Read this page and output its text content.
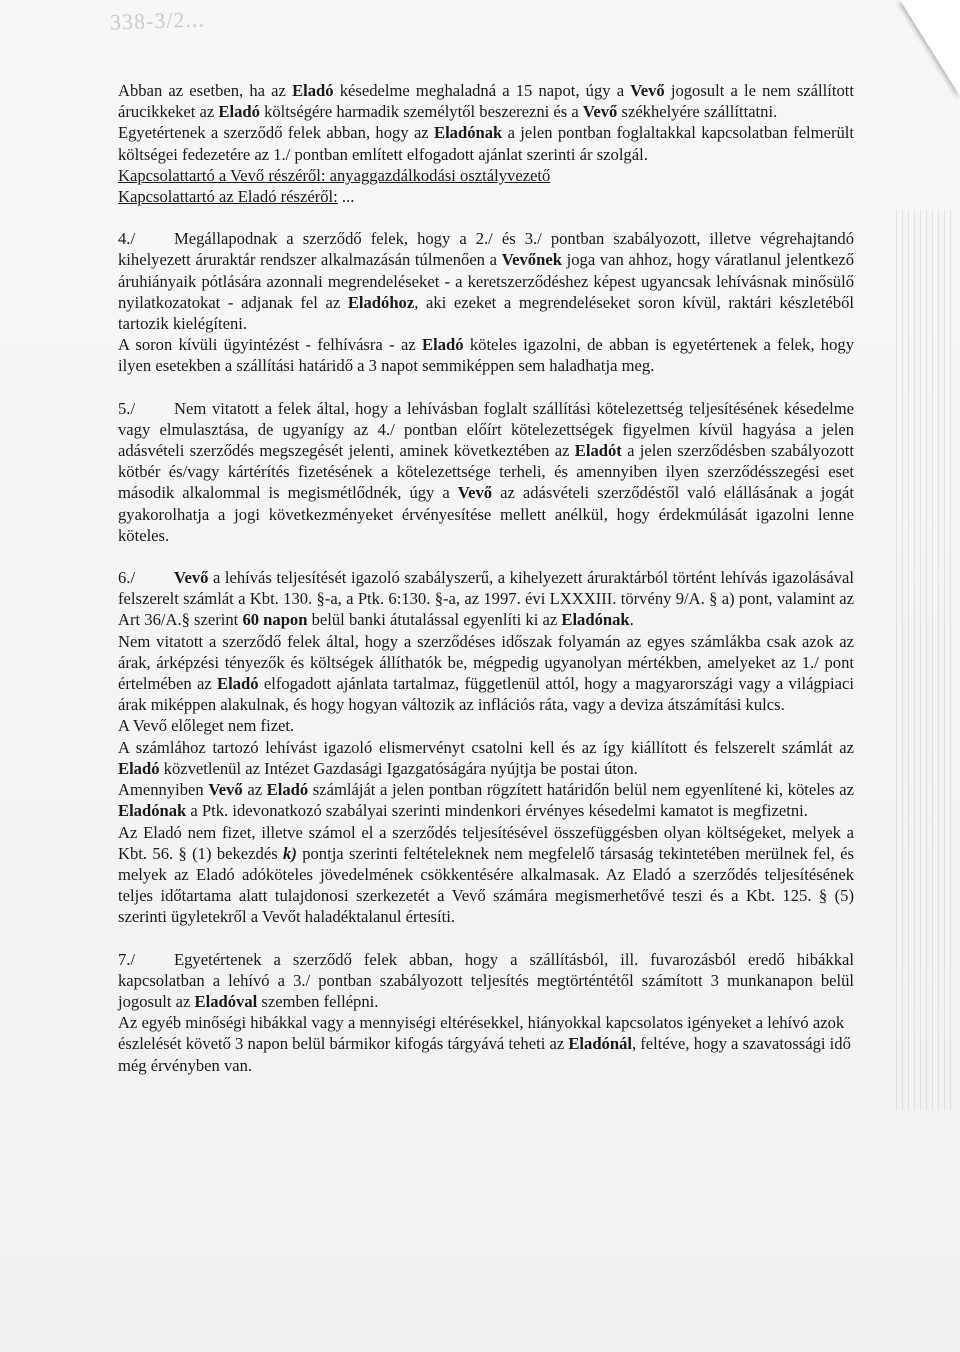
338-3/2...

Abban az esetben, ha az Eladó késedelme meghaladná a 15 napot, úgy a Vevő jogosult a le nem szállított árucikkeket az Eladó költségére harmadik személytől beszerezni és a Vevő székhelyére szállíttatni.

Egyetértenek a szerződő felek abban, hogy az Eladónak a jelen pontban foglaltakkal kapcsolatban felmerült költségei fedezetére az 1./ pontban említett elfogadott ajánlat szerinti ár szolgál.

Kapcsolattartó a Vevő részéről: anyaggazdálkodási osztályvezető

Kapcsolattartó az Eladó részéről: ...

4./ Megállapodnak a szerződő felek, hogy a 2./ és 3./ pontban szabályozott, illetve végrehajtandó kihelyezett áruraktár rendszer alkalmazásán túlmenően a Vevőnek joga van ahhoz, hogy váratlanul jelentkező áruhiányaik pótlására azonnali megrendeléseket - a keretszerződéshez képest ugyancsak lehívásnak minősülő nyilatkozatokat - adjanak fel az Eladóhoz, aki ezeket a megrendeléseket soron kívül, raktári készletéből tartozik kielégíteni.

A soron kívüli ügyintézést - felhívásra - az Eladó köteles igazolni, de abban is egyetértenek a felek, hogy ilyen esetekben a szállítási határidő a 3 napot semmiképpen sem haladhatja meg.

5./ Nem vitatott a felek által, hogy a lehívásban foglalt szállítási kötelezettség teljesítésének késedelme vagy elmulasztása, de ugyanígy az 4./ pontban előírt kötelezettségek figyelmen kívül hagyása a jelen adásvételi szerződés megszegését jelenti, aminek következtében az Eladót a jelen szerződésben szabályozott kötbér és/vagy kártérítés fizetésének a kötelezettsége terheli, és amennyiben ilyen szerződésszegési eset második alkalommal is megismétlődnék, úgy a Vevő az adásvételi szerződéstől való elállásának a jogát gyakorolhatja a jogi következményeket érvényesítése mellett anélkül, hogy érdekmúlását igazolni lenne köteles.

6./ Vevő a lehívás teljesítését igazoló szabályszerű, a kihelyezett áruraktárból történt lehívás igazolásával felszerelt számlát a Kbt. 130. §-a, a Ptk. 6:130. §-a, az 1997. évi LXXXIII. törvény 9/A. § a) pont, valamint az Art 36/A.§ szerint 60 napon belül banki átutalással egyenlíti ki az Eladónak.

Nem vitatott a szerződő felek által, hogy a szerződéses időszak folyamán az egyes számlákba csak azok az árak, árképzési tényezők és költségek állíthatók be, mégpedig ugyanolyan mértékben, amelyeket az 1./ pont értelmében az Eladó elfogadott ajánlata tartalmaz, függetlenül attól, hogy a magyarországi vagy a világpiaci árak miképpen alakulnak, és hogy hogyan változik az inflációs ráta, vagy a deviza átszámítási kulcs.

A Vevő előleget nem fizet.

A számlához tartozó lehívást igazoló elismervényt csatolni kell és az így kiállított és felszerelt számlát az Eladó közvetlenül az Intézet Gazdasági Igazgatóságára nyújtja be postai úton.

Amennyiben Vevő az Eladó számláját a jelen pontban rögzített határidőn belül nem egyenlítené ki, köteles az Eladónak a Ptk. idevonatkozó szabályai szerinti mindenkori érvényes késedelmi kamatot is megfizetni.

Az Eladó nem fizet, illetve számol el a szerződés teljesítésével összefüggésben olyan költségeket, melyek a Kbt. 56. § (1) bekezdés k) pontja szerinti feltételeknek nem megfelelő társaság tekintetében merülnek fel, és melyek az Eladó adóköteles jövedelmének csökkentésére alkalmasak. Az Eladó a szerződés teljesítésének teljes időtartama alatt tulajdonosi szerkezetét a Vevő számára megismerhetővé teszi és a Kbt. 125. § (5) szerinti ügyletekről a Vevőt haladéktalanul értesíti.

7./ Egyetértenek a szerződő felek abban, hogy a szállításból, ill. fuvarozásból eredő hibákkal kapcsolatban a lehívó a 3./ pontban szabályozott teljesítés megtörténtétől számított 3 munkanapon belül jogosult az Eladóval szemben fellépni.

Az egyéb minőségi hibákkal vagy a mennyiségi eltérésekkel, hiányokkal kapcsolatos igényeket a lehívó azok észlelését követő 3 napon belül bármikor kifogás tárgyává teheti az Eladónál, feltéve, hogy a szavatossági idő még érvényben van.
